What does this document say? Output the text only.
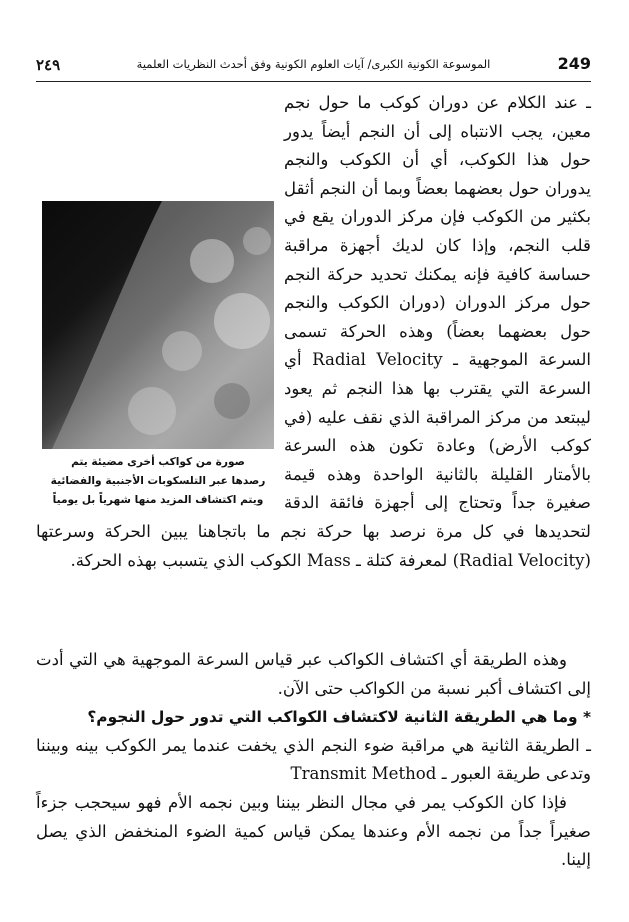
٢٤٩	الموسوعة الكونية الكبرى/ آيات العلوم الكونية وفق أحدث النظريات العلمية	249
صورة من كواكب أخرى مضيئة يتم
رصدها عبر التلسكوبات الأجنبية والفضائية
ويتم اكتشاف المزيد منها شهرياً بل يومياً

ـ عند الكلام عن دوران كوكب ما حول نجم معين، يجب الانتباه إلى أن النجم أيضاً يدور حول هذا الكوكب، أي أن الكوكب والنجم يدوران حول بعضهما بعضاً وبما أن النجم أثقل بكثير من الكوكب فإن مركز الدوران يقع في قلب النجم، وإذا كان لديك أجهزة مراقبة حساسة كافية فإنه يمكنك تحديد حركة النجم حول مركز الدوران (دوران الكوكب والنجم حول بعضهما بعضاً) وهذه الحركة تسمى السرعة الموجهية ـ Radial Velocity أي السرعة التي يقترب بها هذا النجم ثم يعود ليبتعد من مركز المراقبة الذي نقف عليه (في كوكب الأرض) وعادة تكون هذه السرعة بالأمتار القليلة بالثانية الواحدة وهذه قيمة صغيرة جداً وتحتاج إلى أجهزة فائقة الدقة لتحديدها في كل مرة نرصد بها حركة نجم ما باتجاهنا يبين الحركة وسرعتها (Radial Velocity) لمعرفة كتلة ـ Mass الكوكب الذي يتسبب بهذه الحركة.

وهذه الطريقة أي اكتشاف الكواكب عبر قياس السرعة الموجهية هي التي أدت إلى اكتشاف أكبر نسبة من الكواكب حتى الآن.

* وما هي الطريقة الثانية لاكتشاف الكواكب التي تدور حول النجوم؟

ـ الطريقة الثانية هي مراقبة ضوء النجم الذي يخفت عندما يمر الكوكب بينه وبيننا وتدعى طريقة العبور ـ Transmit Method

فإذا كان الكوكب يمر في مجال النظر بيننا وبين نجمه الأم فهو سيحجب جزءاً صغيراً جداً من نجمه الأم وعندها يمكن قياس كمية الضوء المنخفض الذي يصل إلينا.
